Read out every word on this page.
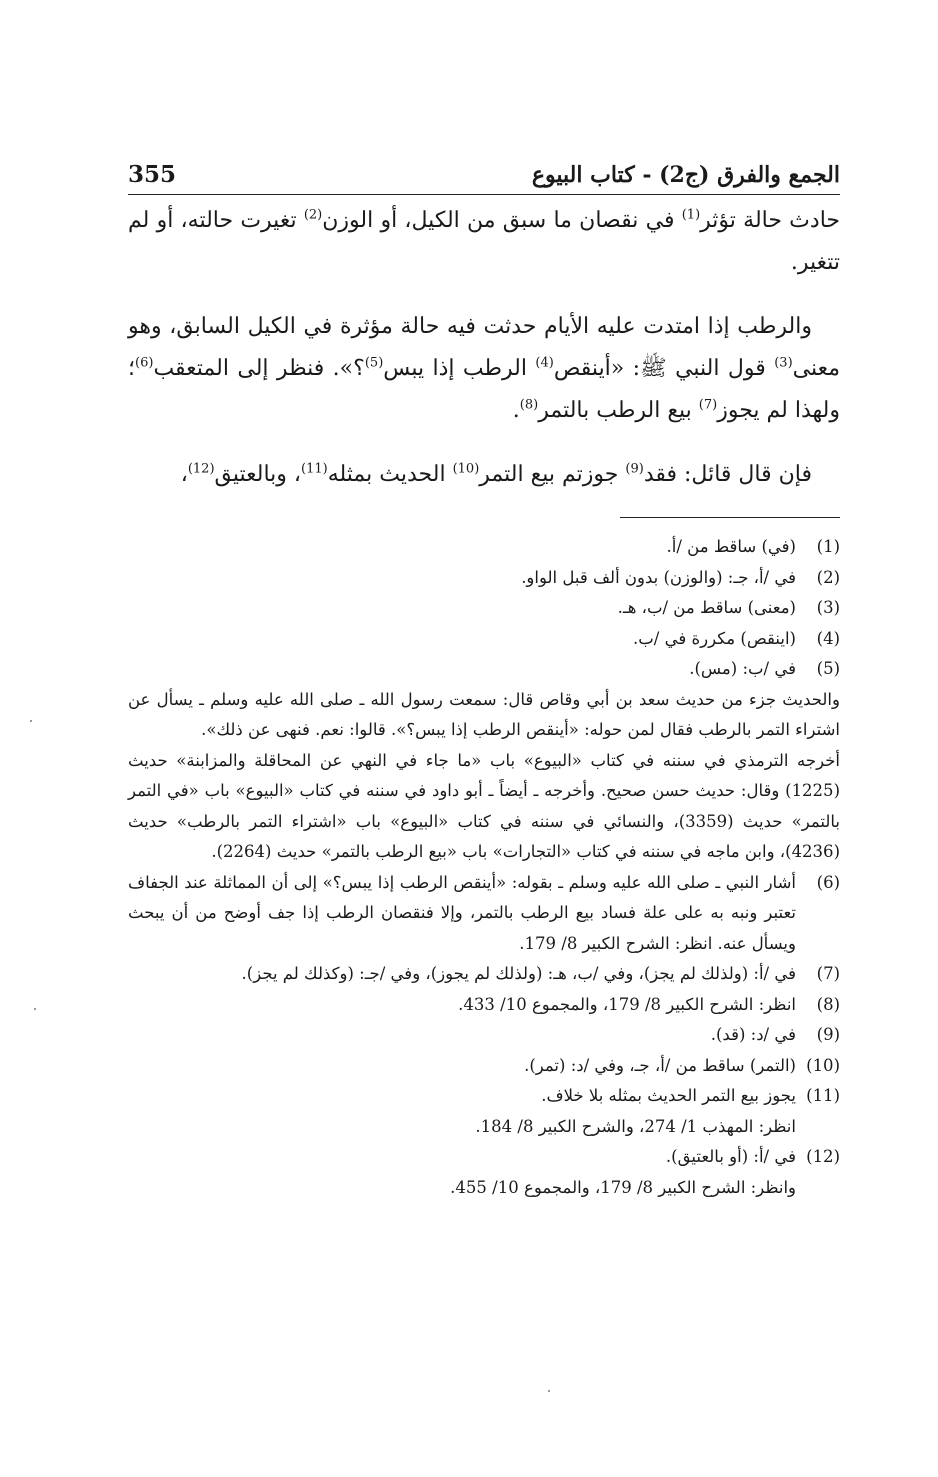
355	الجمع والفرق (ج2) - كتاب البيوع

حادث حالة تؤثر$^{(1)}$ في نقصان ما سبق من الكيل، أو الوزن$^{(2)}$ تغيرت حالته، أو لم تتغير.

والرطب إذا امتدت عليه الأيام حدثت فيه حالة مؤثرة في الكيل السابق، وهو معنى$^{(3)}$ قول النبي ﷺ: «أينقص$^{(4)}$ الرطب إذا يبس$^{(5)}$؟». فنظر إلى المتعقب$^{(6)}$؛ ولهذا لم يجوز$^{(7)}$ بيع الرطب بالتمر$^{(8)}$.

فإن قال قائل: فقد$^{(9)}$ جوزتم بيع التمر$^{(10)}$ الحديث بمثله$^{(11)}$، وبالعتيق$^{(12)}$،

(1)
(في) ساقط من /أ.
(2)
في /أ، جـ: (والوزن) بدون ألف قبل الواو.
(3)
(معنى) ساقط من /ب، هـ.
(4)
(اينقص) مكررة في /ب.
(5)
في /ب: (مس).
والحديث جزء من حديث سعد بن أبي وقاص قال: سمعت رسول الله ـ صلى الله عليه وسلم ـ يسأل عن اشتراء التمر بالرطب فقال لمن حوله: «أينقص الرطب إذا يبس؟». قالوا: نعم. فنهى عن ذلك».
أخرجه الترمذي في سننه في كتاب «البيوع» باب «ما جاء في النهي عن المحاقلة والمزابنة» حديث (1225) وقال: حديث حسن صحيح. وأخرجه ـ أيضاً ـ أبو داود في سننه في كتاب «البيوع» باب «في التمر بالتمر» حديث (3359)، والنسائي في سننه في كتاب «البيوع» باب «اشتراء التمر بالرطب» حديث (4236)، وابن ماجه في سننه في كتاب «التجارات» باب «بيع الرطب بالتمر» حديث (2264).
(6)
أشار النبي ـ صلى الله عليه وسلم ـ بقوله: «أينقص الرطب إذا يبس؟» إلى أن المماثلة عند الجفاف تعتبر ونبه به على علة فساد بيع الرطب بالتمر، وإلا فنقصان الرطب إذا جف أوضح من أن يبحث ويسأل عنه. انظر: الشرح الكبير 8/ 179.
(7)
في /أ: (ولذلك لم يجز)، وفي /ب، هـ: (ولذلك لم يجوز)، وفي /جـ: (وكذلك لم يجز).
(8)
انظر: الشرح الكبير 8/ 179، والمجموع 10/ 433.
(9)
في /د: (قد).
(10)
(التمر) ساقط من /أ، جـ، وفي /د: (تمر).
(11)
يجوز بيع التمر الحديث بمثله بلا خلاف.
انظر: المهذب 1/ 274، والشرح الكبير 8/ 184.
(12)
في /أ: (أو بالعتيق).
وانظر: الشرح الكبير 8/ 179، والمجموع 10/ 455.
